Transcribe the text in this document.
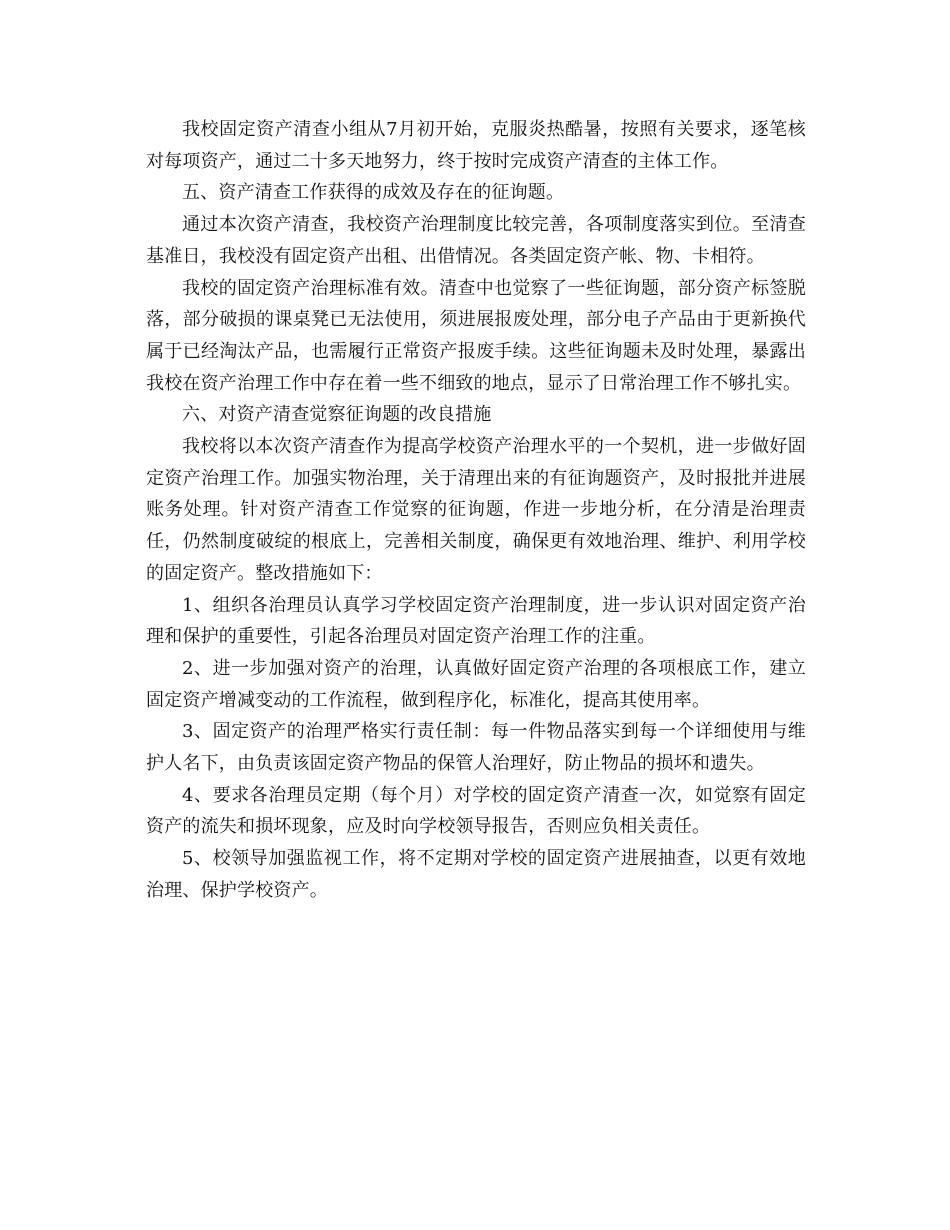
我校固定资产清查小组从7月初开始，克服炎热酷暑，按照有关要求，逐笔核对每项资产，通过二十多天地努力，终于按时完成资产清查的主体工作。

五、资产清查工作获得的成效及存在的征询题。

通过本次资产清查，我校资产治理制度比较完善，各项制度落实到位。至清查基准日，我校没有固定资产出租、出借情况。各类固定资产帐、物、卡相符。

我校的固定资产治理标准有效。清查中也觉察了一些征询题，部分资产标签脱落，部分破损的课桌凳已无法使用，须进展报废处理，部分电子产品由于更新换代属于已经淘汰产品，也需履行正常资产报废手续。这些征询题未及时处理，暴露出我校在资产治理工作中存在着一些不细致的地点，显示了日常治理工作不够扎实。

六、对资产清查觉察征询题的改良措施

我校将以本次资产清查作为提高学校资产治理水平的一个契机，进一步做好固定资产治理工作。加强实物治理，关于清理出来的有征询题资产，及时报批并进展账务处理。针对资产清查工作觉察的征询题，作进一步地分析，在分清是治理责任，仍然制度破绽的根底上，完善相关制度，确保更有效地治理、维护、利用学校的固定资产。整改措施如下：

1、组织各治理员认真学习学校固定资产治理制度，进一步认识对固定资产治理和保护的重要性，引起各治理员对固定资产治理工作的注重。

2、进一步加强对资产的治理，认真做好固定资产治理的各项根底工作，建立固定资产增减变动的工作流程，做到程序化，标准化，提高其使用率。

3、固定资产的治理严格实行责任制：每一件物品落实到每一个详细使用与维护人名下，由负责该固定资产物品的保管人治理好，防止物品的损坏和遗失。

4、要求各治理员定期（每个月）对学校的固定资产清查一次，如觉察有固定资产的流失和损坏现象，应及时向学校领导报告，否则应负相关责任。

5、校领导加强监视工作，将不定期对学校的固定资产进展抽查，以更有效地治理、保护学校资产。
